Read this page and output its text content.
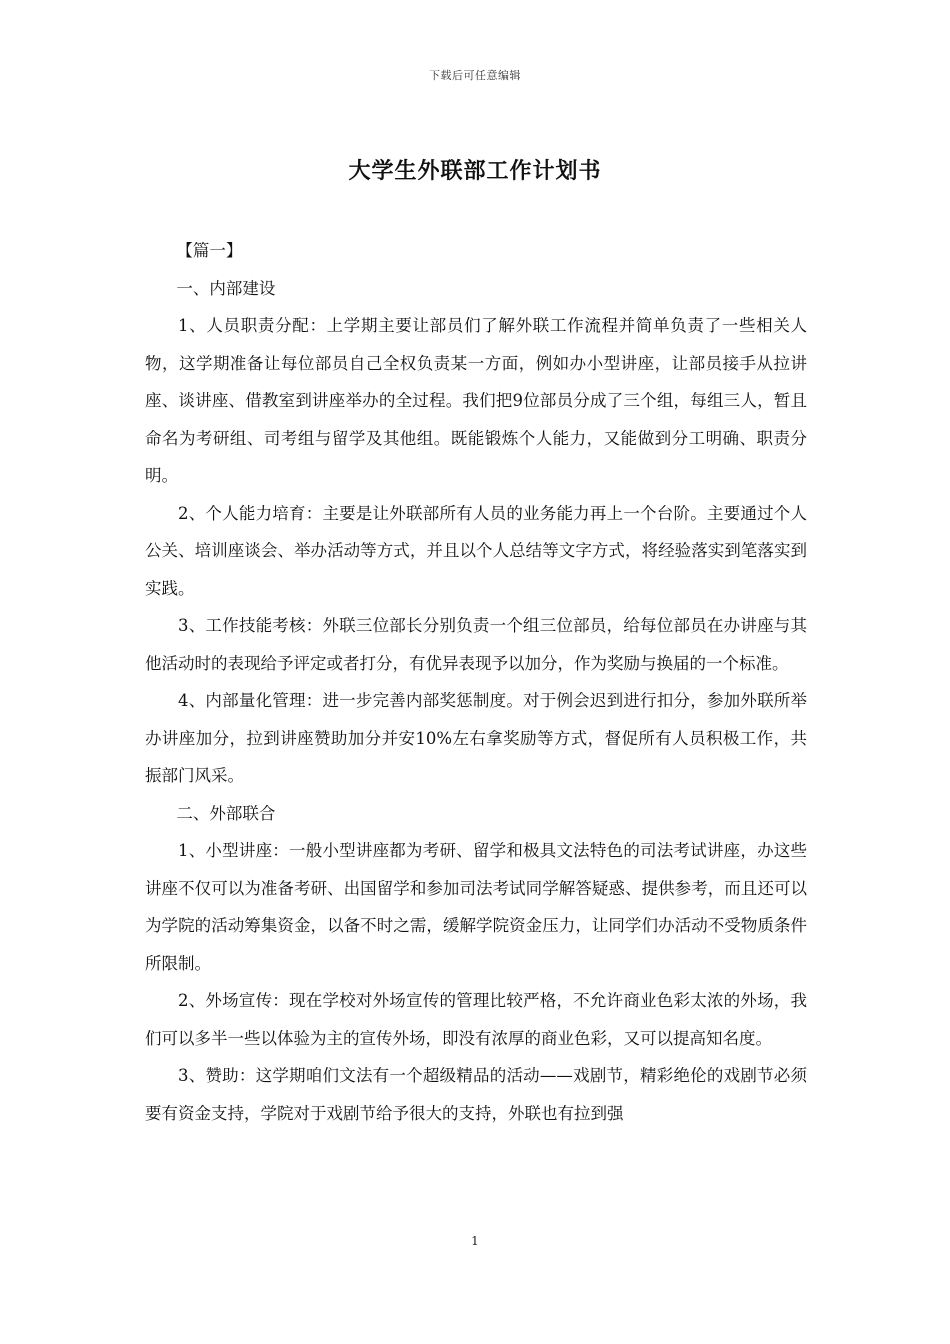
下载后可任意编辑
大学生外联部工作计划书

【篇一】

一、内部建设

1、人员职责分配：上学期主要让部员们了解外联工作流程并简单负责了一些相关人物，这学期准备让每位部员自己全权负责某一方面，例如办小型讲座，让部员接手从拉讲座、谈讲座、借教室到讲座举办的全过程。我们把9位部员分成了三个组，每组三人，暂且命名为考研组、司考组与留学及其他组。既能锻炼个人能力，又能做到分工明确、职责分明。

2、个人能力培育：主要是让外联部所有人员的业务能力再上一个台阶。主要通过个人公关、培训座谈会、举办活动等方式，并且以个人总结等文字方式，将经验落实到笔落实到实践。

3、工作技能考核：外联三位部长分别负责一个组三位部员，给每位部员在办讲座与其他活动时的表现给予评定或者打分，有优异表现予以加分，作为奖励与换届的一个标准。

4、内部量化管理：进一步完善内部奖惩制度。对于例会迟到进行扣分，参加外联所举办讲座加分，拉到讲座赞助加分并安10%左右拿奖励等方式，督促所有人员积极工作，共振部门风采。

二、外部联合

1、小型讲座：一般小型讲座都为考研、留学和极具文法特色的司法考试讲座，办这些讲座不仅可以为准备考研、出国留学和参加司法考试同学解答疑惑、提供参考，而且还可以为学院的活动筹集资金，以备不时之需，缓解学院资金压力，让同学们办活动不受物质条件所限制。

2、外场宣传：现在学校对外场宣传的管理比较严格，不允许商业色彩太浓的外场，我们可以多半一些以体验为主的宣传外场，即没有浓厚的商业色彩，又可以提高知名度。

3、赞助：这学期咱们文法有一个超级精品的活动——戏剧节，精彩绝伦的戏剧节必须要有资金支持，学院对于戏剧节给予很大的支持，外联也有拉到强

1
